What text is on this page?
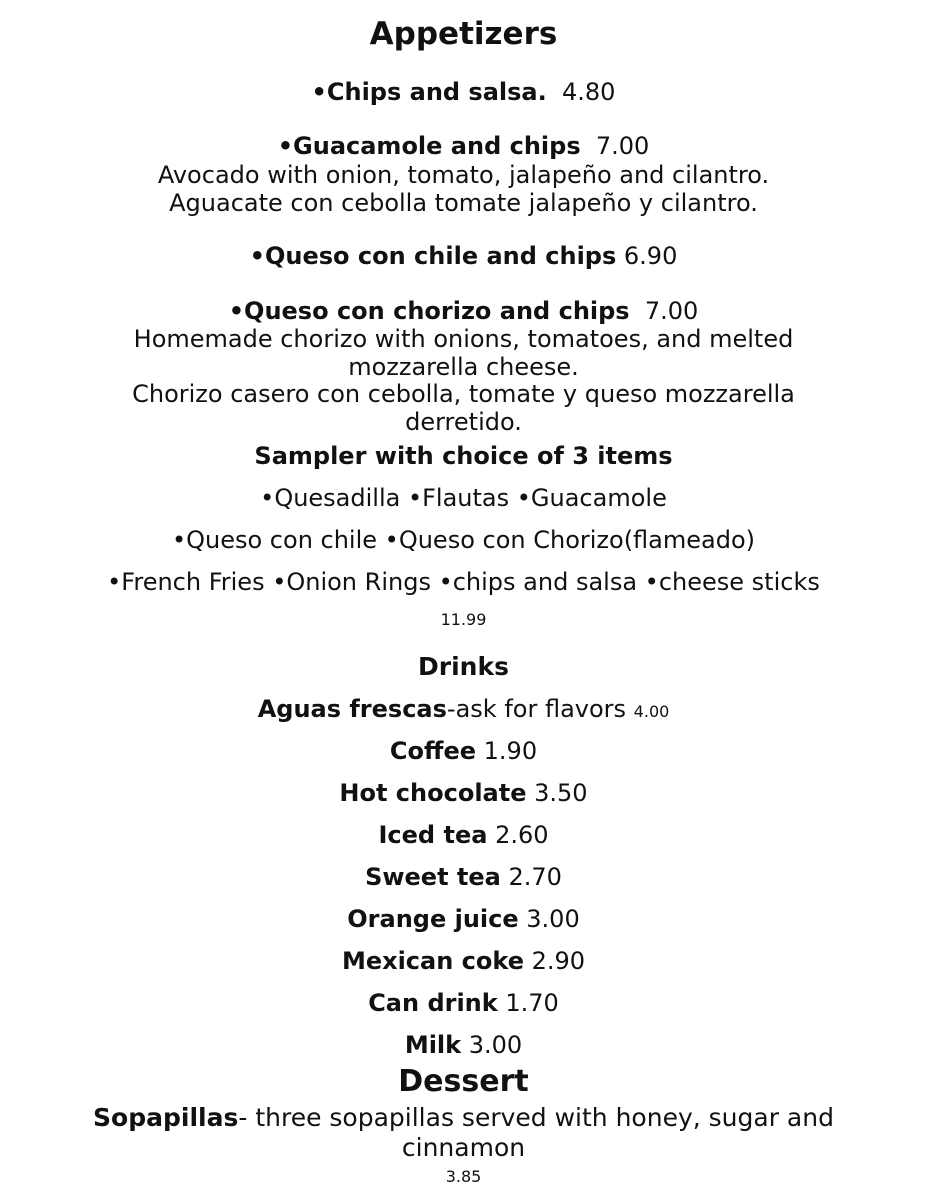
Appetizers
•Chips and salsa. 4.80
•Guacamole and chips 7.00
Avocado with onion, tomato, jalapeño and cilantro.
Aguacate con cebolla tomate jalapeño y cilantro.
•Queso con chile and chips 6.90
•Queso con chorizo and chips 7.00
Homemade chorizo with onions, tomatoes, and melted
mozzarella cheese.
Chorizo casero con cebolla, tomate y queso mozzarella
derretido.
Sampler with choice of 3 items
•Quesadilla •Flautas •Guacamole
•Queso con chile •Queso con Chorizo(flameado)
•French Fries •Onion Rings •chips and salsa •cheese sticks
11.99
Drinks
Aguas frescas-ask for flavors 4.00
Coffee 1.90
Hot chocolate 3.50
Iced tea 2.60
Sweet tea 2.70
Orange juice 3.00
Mexican coke 2.90
Can drink 1.70
Milk 3.00
Dessert
Sopapillas- three sopapillas served with honey, sugar and cinnamon
3.85
